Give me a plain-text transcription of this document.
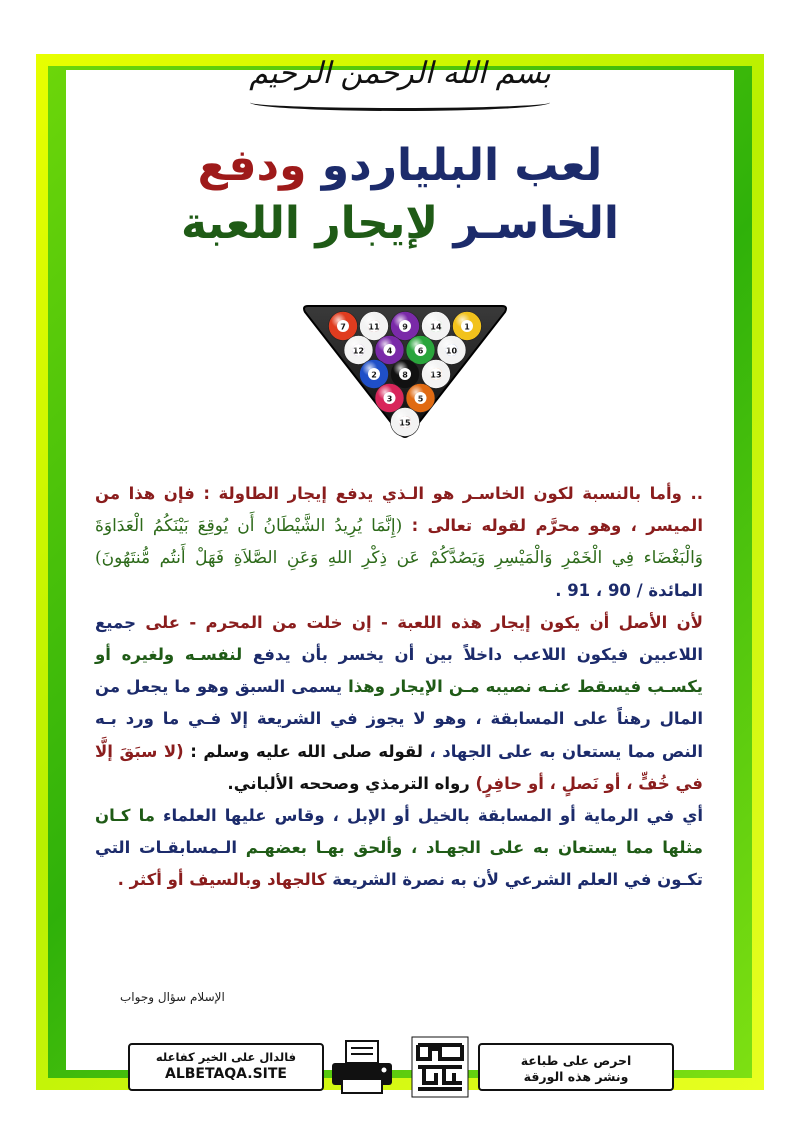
بسم الله الرحمن الرحيم
لعب البلياردو ودفع
الخاسـر لإيجار اللعبة

.. وأما بالنسبة لكون الخاسـر هو الـذي يدفع إيجار الطاولة : فإن هذا من الميسر ، وهو محرَّم لقوله تعالى : (إِنَّمَا يُرِيدُ الشَّيْطَانُ أَن يُوقِعَ بَيْنَكُمُ الْعَدَاوَةَ وَالْبَغْضَاء فِي الْخَمْرِ وَالْمَيْسِرِ وَيَصُدَّكُمْ عَن ذِكْرِ اللهِ وَعَنِ الصَّلاَةِ فَهَلْ أَنتُم مُّنتَهُونَ) المائدة / 90 ، 91 .

لأن الأصل أن يكون إيجار هذه اللعبة - إن خلت من المحرم - على جميع اللاعبين فيكون اللاعب داخلاً بين أن يخسر بأن يدفع لنفسـه ولغيره أو يكسـب فيسقط عنـه نصيبه مـن الإيجار وهذا يسمى السبق وهو ما يجعل من المال رهناً على المسابقة ، وهو لا يجوز في الشريعة إلا فـي ما ورد بـه النص مما يستعان به على الجهاد ، لقوله صلى الله عليه وسلم : (لا سبَقَ إلَّا في خُفٍّ ، أو نَصلٍ ، أو حافِرٍ) رواه الترمذي وصححه الألباني.

أي في الرماية أو المسابقة بالخيل أو الإبل ، وقاس عليها العلماء ما كـان مثلها مما يستعان به على الجهـاد ، وألحق بهـا بعضهـم الـمسابقـات التي تكـون في العلم الشرعي لأن به نصرة الشريعة كالجهاد وبالسيف أو أكثر .

الإسلام سؤال وجواب
فالدال على الخير كفاعله
ALBETAQA.SITE
احرص على طباعة
ونشر هذه الورقة
